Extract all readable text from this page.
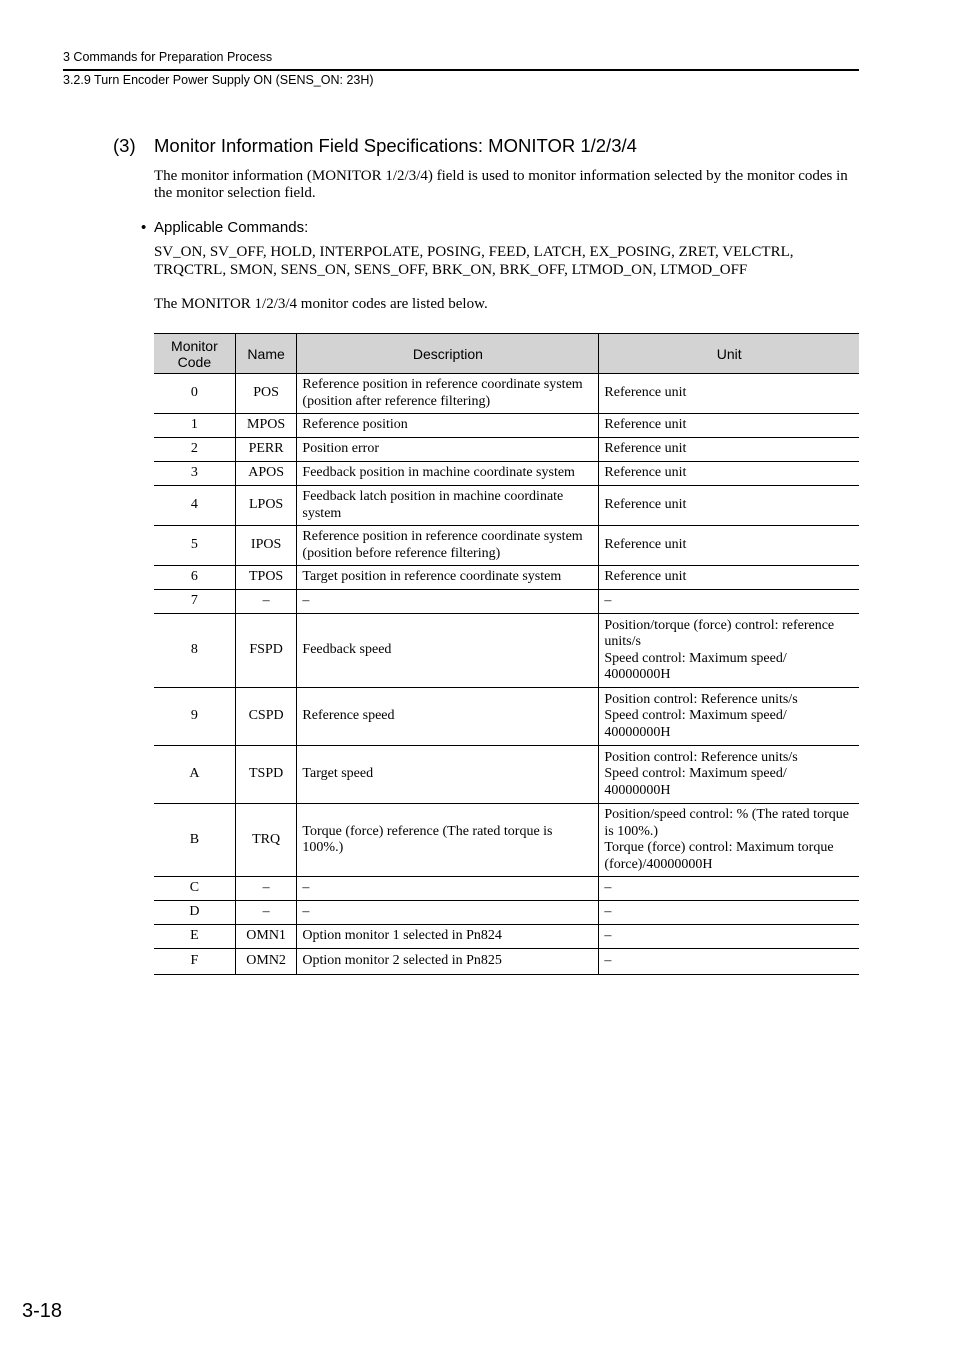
3 Commands for Preparation Process
3.2.9 Turn Encoder Power Supply ON (SENS_ON: 23H)
(3) Monitor Information Field Specifications: MONITOR 1/2/3/4
The monitor information (MONITOR 1/2/3/4) field is used to monitor information selected by the monitor codes in the monitor selection field.
• Applicable Commands:
SV_ON, SV_OFF, HOLD, INTERPOLATE, POSING, FEED, LATCH, EX_POSING, ZRET, VELCTRL, TRQCTRL, SMON, SENS_ON, SENS_OFF, BRK_ON, BRK_OFF, LTMOD_ON, LTMOD_OFF
The MONITOR 1/2/3/4 monitor codes are listed below.
Monitor Code	Name	Description	Unit
0	POS	Reference position in reference coordinate system (position after reference filtering)	Reference unit

1	MPOS	Reference position	Reference unit

2	PERR	Position error	Reference unit

3	APOS	Feedback position in machine coordinate system	Reference unit

4	LPOS	Feedback latch position in machine coordinate system	Reference unit

5	IPOS	Reference position in reference coordinate system (position before reference filtering)	Reference unit

6	TPOS	Target position in reference coordinate system	Reference unit

7	–	–	–

8	FSPD	Feedback speed	Position/torque (force) control: reference units/s
Speed control: Maximum speed/ 40000000H

9	CSPD	Reference speed	Position control: Reference units/s
Speed control: Maximum speed/ 40000000H

A	TSPD	Target speed	Position control: Reference units/s
Speed control: Maximum speed/ 40000000H

B	TRQ	Torque (force) reference (The rated torque is 100%.)	Position/speed control: % (The rated torque is 100%.)
Torque (force) control: Maximum torque (force)/40000000H

C	–	–	–

D	–	–	–

E	OMN1	Option monitor 1 selected in Pn824	–

F	OMN2	Option monitor 2 selected in Pn825	–
3-18
